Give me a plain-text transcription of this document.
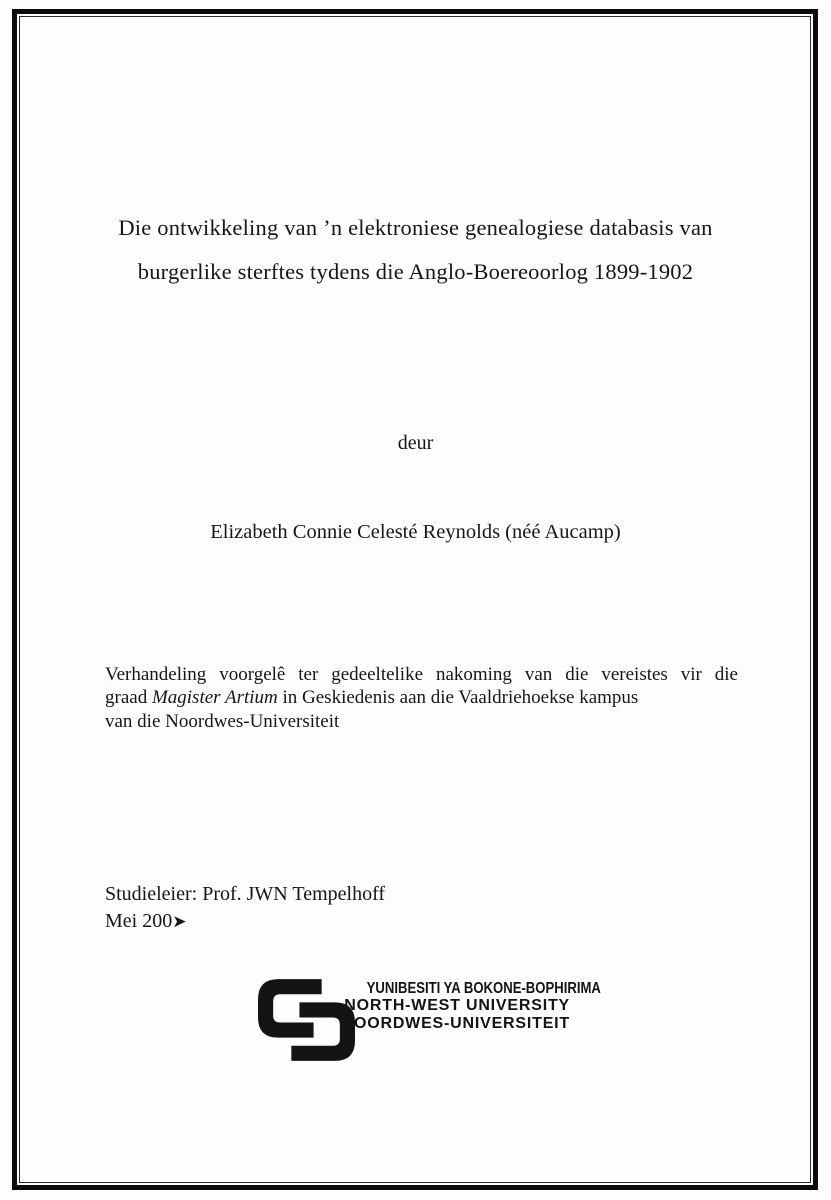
Die ontwikkeling van ’n elektroniese genealogiese databasis van
burgerlike sterftes tydens die Anglo-Boereoorlog 1899-1902
deur
Elizabeth Connie Celesté Reynolds (néé Aucamp)
Verhandeling voorgelê ter gedeeltelike nakoming van die vereistes vir die
graad Magister Artium in Geskiedenis aan die Vaaldriehoekse kampus
van die Noordwes-Universiteit
Studieleier: Prof. JWN Tempelhoff
Mei 200➤
YUNIBESITI YA BOKONE-BOPHIRIMA
NORTH-WEST UNIVERSITY
NOORDWES-UNIVERSITEIT
